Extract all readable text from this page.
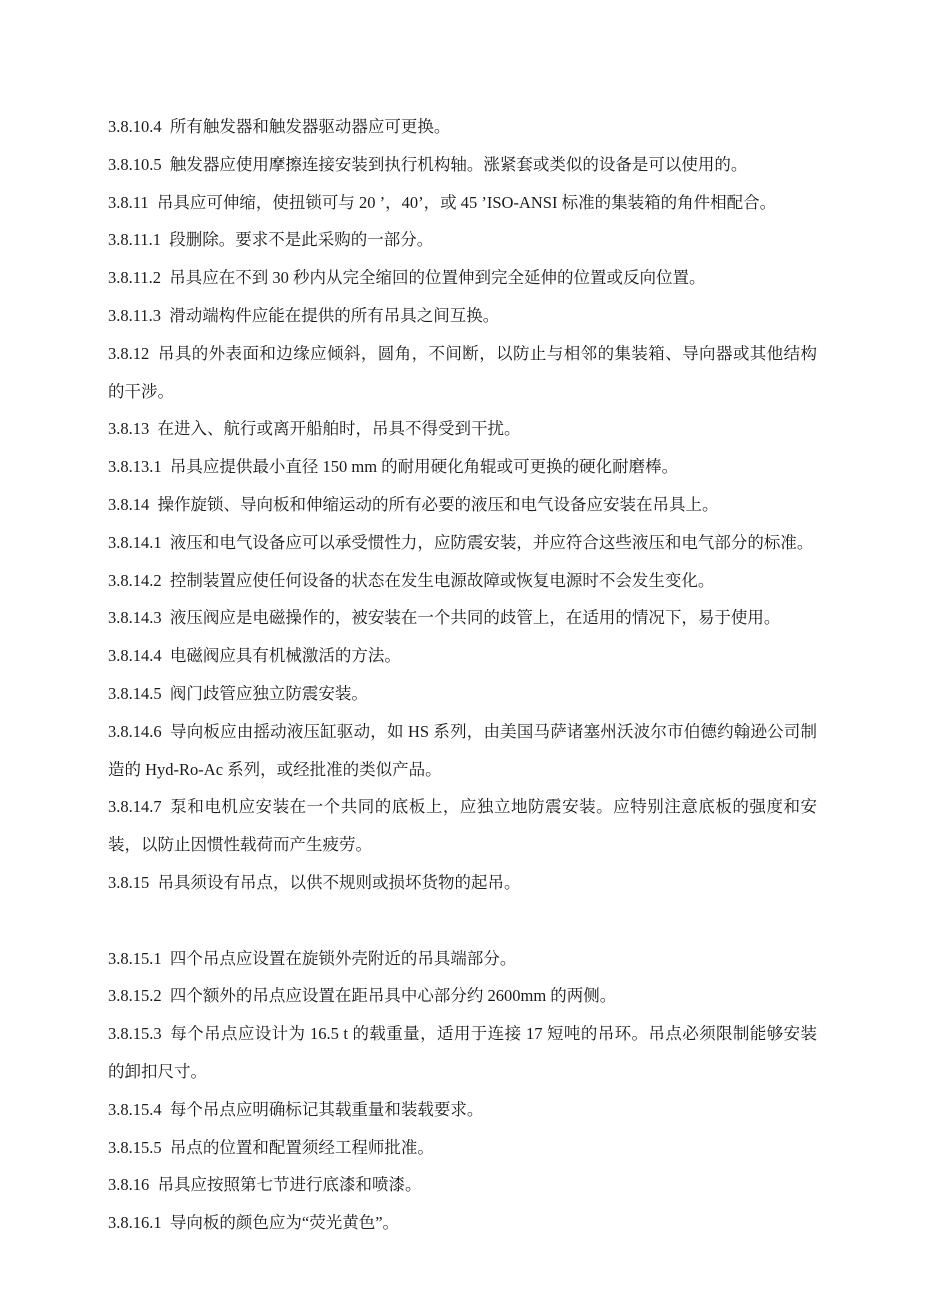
3.8.10.4 所有触发器和触发器驱动器应可更换。

3.8.10.5 触发器应使用摩擦连接安装到执行机构轴。涨紧套或类似的设备是可以使用的。

3.8.11 吊具应可伸缩，使扭锁可与 20 ’，40’，或 45 ’ISO-ANSI 标准的集装箱的角件相配合。

3.8.11.1 段删除。要求不是此采购的一部分。

3.8.11.2 吊具应在不到 30 秒内从完全缩回的位置伸到完全延伸的位置或反向位置。

3.8.11.3 滑动端构件应能在提供的所有吊具之间互换。

3.8.12 吊具的外表面和边缘应倾斜，圆角，不间断，以防止与相邻的集装箱、导向器或其他结构的干涉。

3.8.13 在进入、航行或离开船舶时，吊具不得受到干扰。

3.8.13.1 吊具应提供最小直径 150 mm 的耐用硬化角辊或可更换的硬化耐磨棒。

3.8.14 操作旋锁、导向板和伸缩运动的所有必要的液压和电气设备应安装在吊具上。

3.8.14.1 液压和电气设备应可以承受惯性力，应防震安装，并应符合这些液压和电气部分的标准。

3.8.14.2 控制装置应使任何设备的状态在发生电源故障或恢复电源时不会发生变化。

3.8.14.3 液压阀应是电磁操作的，被安装在一个共同的歧管上，在适用的情况下，易于使用。

3.8.14.4 电磁阀应具有机械激活的方法。

3.8.14.5 阀门歧管应独立防震安装。

3.8.14.6 导向板应由摇动液压缸驱动，如 HS 系列，由美国马萨诸塞州沃波尔市伯德约翰逊公司制造的 Hyd-Ro-Ac 系列，或经批准的类似产品。

3.8.14.7 泵和电机应安装在一个共同的底板上，应独立地防震安装。应特别注意底板的强度和安装，以防止因惯性载荷而产生疲劳。

3.8.15 吊具须设有吊点，以供不规则或损坏货物的起吊。

3.8.15.1 四个吊点应设置在旋锁外壳附近的吊具端部分。

3.8.15.2 四个额外的吊点应设置在距吊具中心部分约 2600mm 的两侧。

3.8.15.3 每个吊点应设计为 16.5 t 的载重量，适用于连接 17 短吨的吊环。吊点必须限制能够安装的卸扣尺寸。

3.8.15.4 每个吊点应明确标记其载重量和装载要求。

3.8.15.5 吊点的位置和配置须经工程师批准。

3.8.16 吊具应按照第七节进行底漆和喷漆。

3.8.16.1 导向板的颜色应为“荧光黄色”。
